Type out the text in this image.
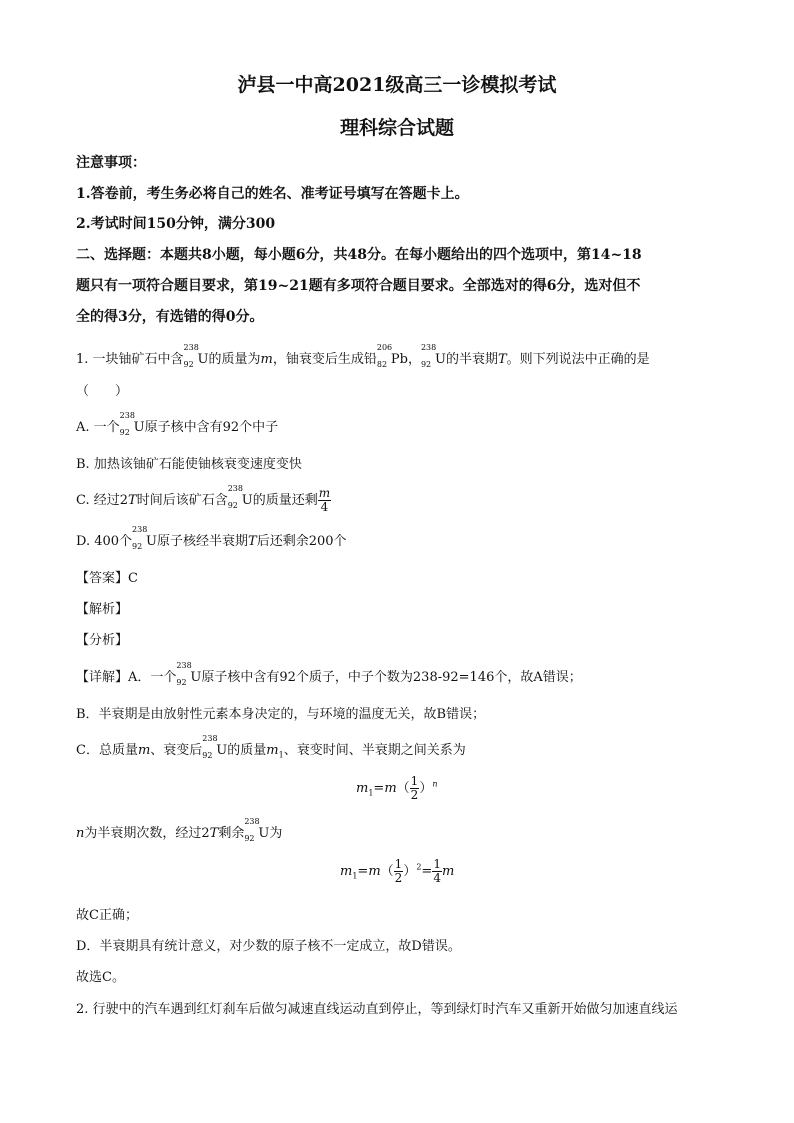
泸县一中高2021级高三一诊模拟考试
理科综合试题
注意事项：
1.答卷前，考生务必将自己的姓名、准考证号填写在答题卡上。
2.考试时间150分钟，满分300
二、选择题：本题共8小题，每小题6分，共48分。在每小题给出的四个选项中，第14~18
题只有一项符合题目要求，第19~21题有多项符合题目要求。全部选对的得6分，选对但不
全的得3分，有选错的得0分。
1. 一块铀矿石中含
238
92 U的质量为m，铀衰变后生成铅
206
82 Pb，
238
92 U的半衰期T。则下列说法中正确的是
（　　）
A. 一个
238
92 U原子核中含有92个中子
B. 加热该铀矿石能使铀核衰变速度变快
C. 经过2T时间后该矿石含
238
92 U的质量还剩 $\frac{m}{4}$
D. 400个
238
92 U原子核经半衰期T后还剩余200个
【答案】C
【解析】
【分析】
【详解】A．一个
238
92 U原子核中含有92个质子，中子个数为238-92=146个，故A错误；
B．半衰期是由放射性元素本身决定的，与环境的温度无关，故B错误；
C．总质量m、衰变后
238
92 U的质量$m_1$、衰变时间、半衰期之间关系为
$m_1=m( \frac{1}{2} )^n$
n为半衰期次数，经过2T剩余
238
92 U为
$m_1=m( \frac{1}{2} )^2= \frac{1}{4}$ m
故C正确；
D．半衰期具有统计意义，对少数的原子核不一定成立，故D错误。
故选C。
2. 行驶中的汽车遇到红灯刹车后做匀减速直线运动直到停止，等到绿灯时汽车又重新开始做匀加速直线运
